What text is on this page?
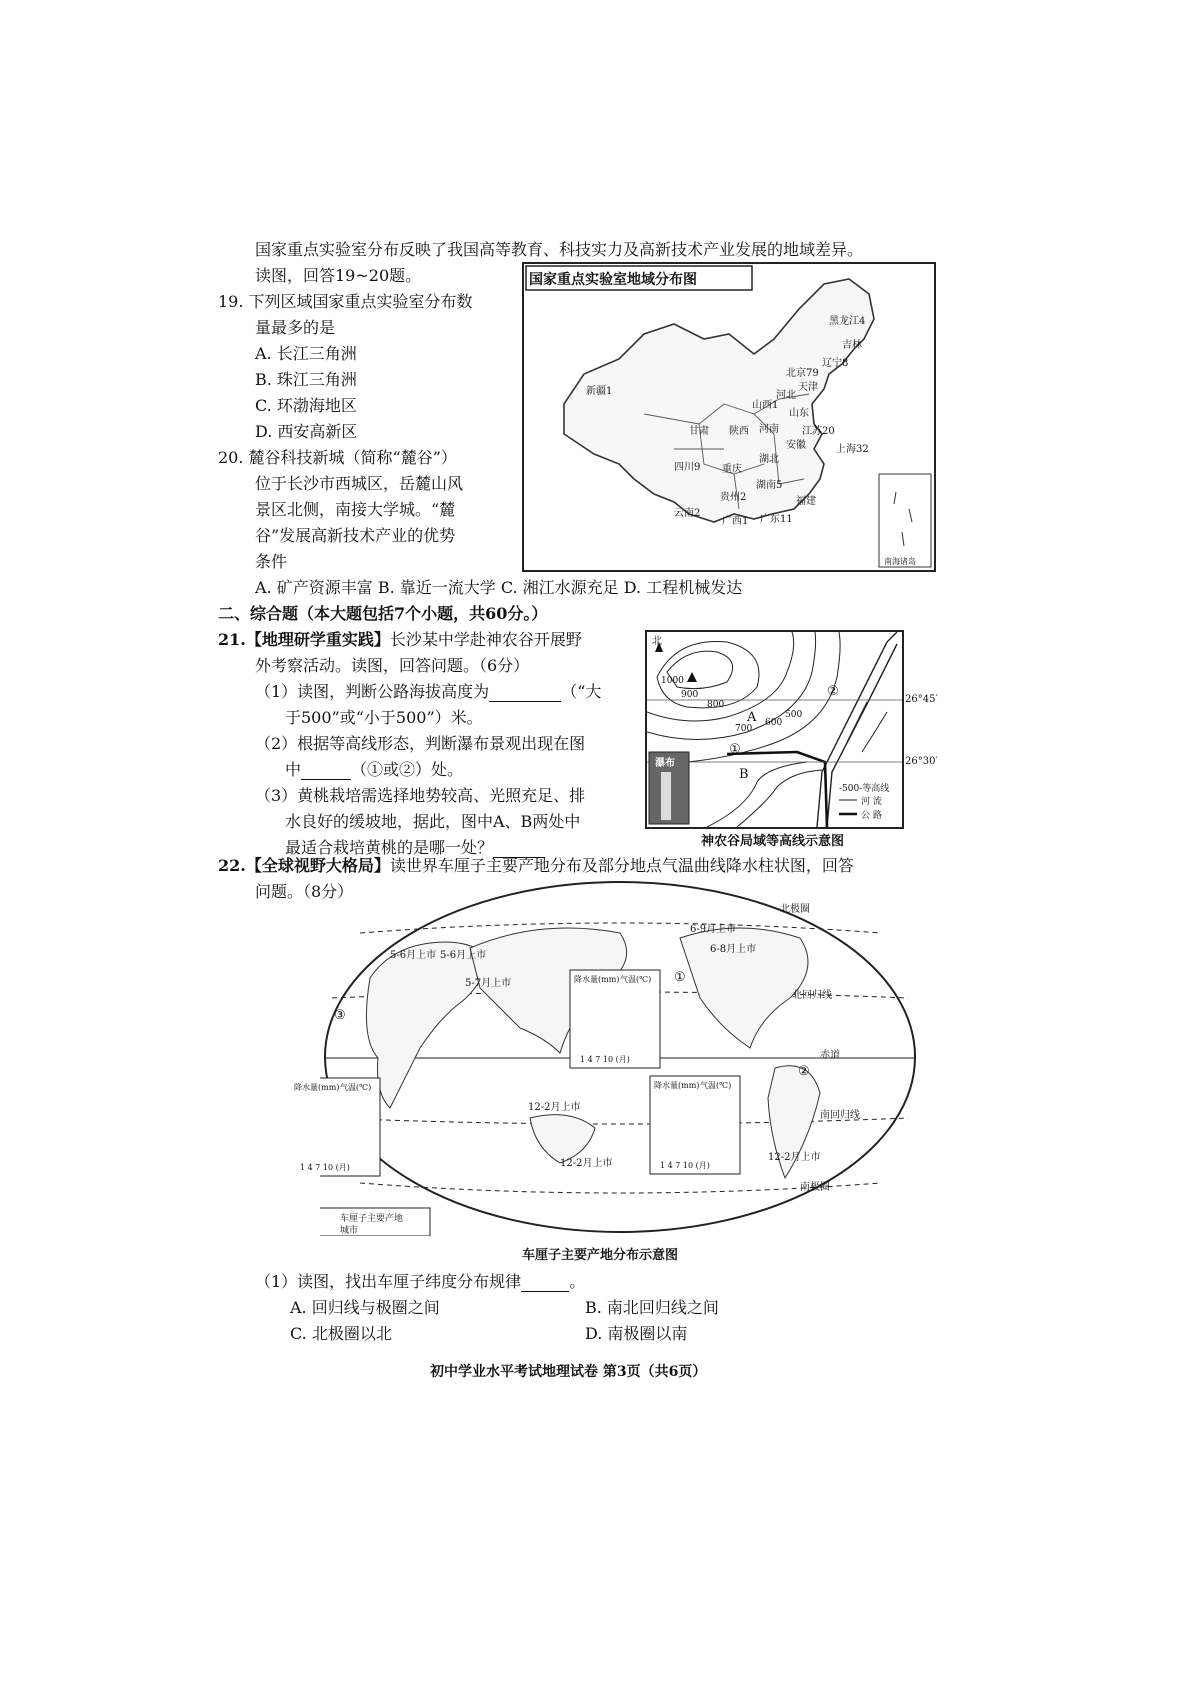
国家重点实验室分布反映了我国高等教育、科技实力及高新技术产业发展的地域差异。
读图，回答19~20题。
19. 下列区域国家重点实验室分布数
量最多的是
A. 长江三角洲
B. 珠江三角洲
C. 环渤海地区
D. 西安高新区
20. 麓谷科技新城（简称“麓谷”）
位于长沙市西城区，岳麓山风
景区北侧，南接大学城。“麓
谷”发展高新技术产业的优势
条件
A. 矿产资源丰富 B. 靠近一流大学 C. 湘江水源充足 D. 工程机械发达
国家重点实验室地域分布图
黑龙江4
吉林
辽宁8
新疆1
北京79
天津
河北
山西1
山东
甘肃 陕西 河南 江苏20
安徽	上海32
湖北
四川9 重庆
湖南5
贵州2
云南2
广西1 广东11
福建
南海诸岛
二、综合题（本大题包括7个小题，共60分。）
21.【地理研学重实践】长沙某中学赴神农谷开展野
外考察活动。读图，回答问题。（6分）
（1）读图，判断公路海拔高度为	（“大
于500”或“小于500”）米。
（2）根据等高线形态，判断瀑布景观出现在图
中	（①或②）处。
（3）黄桃栽培需选择地势较高、光照充足、排
水良好的缓坡地，据此，图中A、B两处中
最适合栽培黄桃的是哪一处？
北
26°45′
26°30′
A
B
①
②
瀑布
1000
900
800
700
600
500
-500-等高线
河 流
公 路
神农谷局域等高线示意图
22.【全球视野大格局】读世界车厘子主要产地分布及部分地点气温曲线降水柱状图，回答
问题。（8分）
北极圈
北回归线
赤道
南回归线
南极圈
5-6月上市 5-6月上市
5-7月上市
6-9月上市
6-8月上市
12-2月上市
12-2月上市
12-2月上市
①
②
③
降水量(mm) 气温(℃)
1 4 7 10 (月)
降水量(mm) 气温(℃)
1 4 7 10 (月)
降水量(mm) 气温(℃)
1 4 7 10 (月)
车厘子主要产地
城市
车厘子主要产地分布示意图
（1）读图，找出车厘子纬度分布规律	。
A. 回归线与极圈之间	B. 南北回归线之间
C. 北极圈以北	D. 南极圈以南
初中学业水平考试地理试卷 第3页（共6页）
